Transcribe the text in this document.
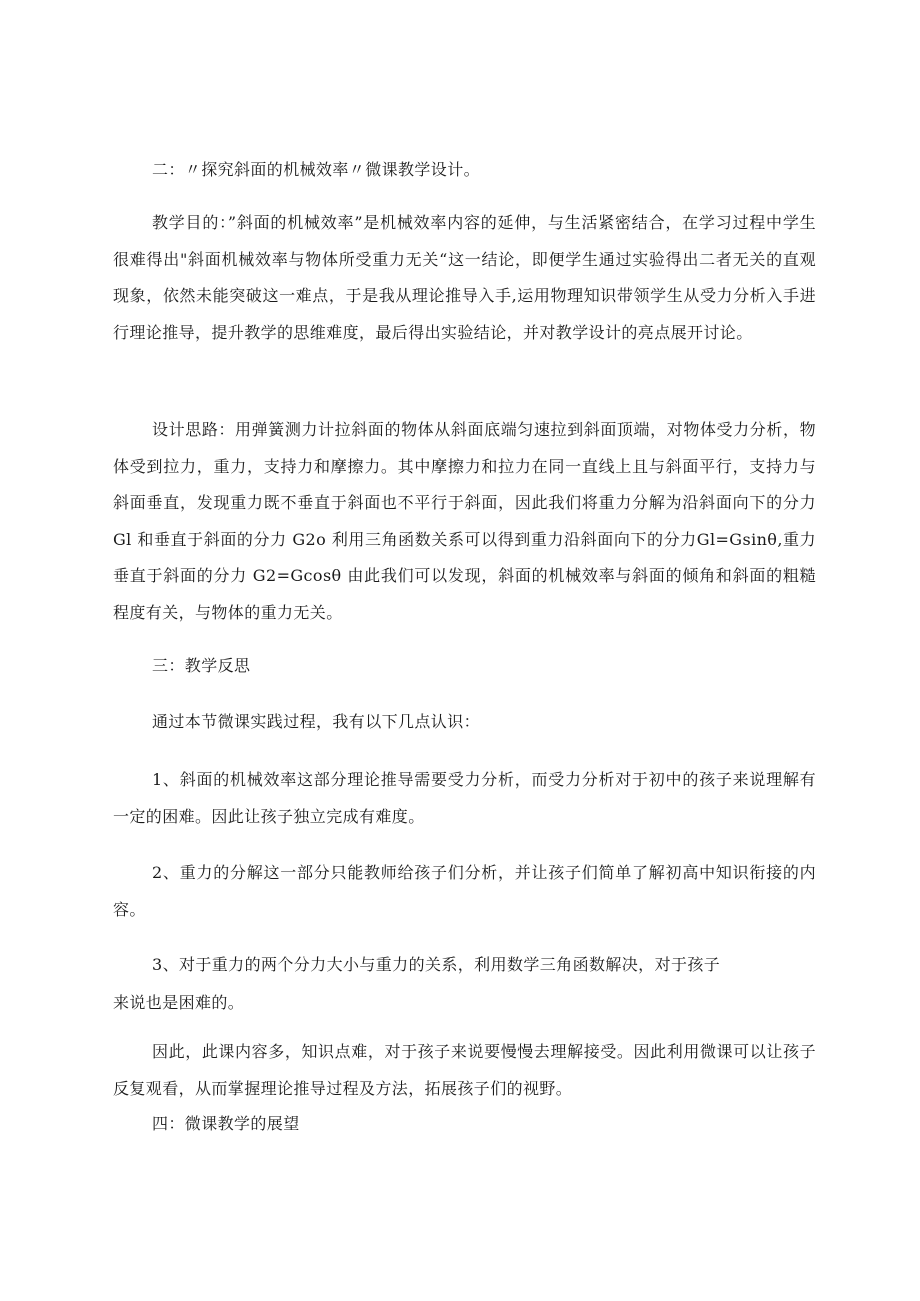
二：〃探究斜面的机械效率〃微课教学设计。

教学目的：”斜面的机械效率”是机械效率内容的延伸，与生活紧密结合，在学习过程中学生很难得出"斜面机械效率与物体所受重力无关“这一结论，即便学生通过实验得出二者无关的直观现象，依然未能突破这一难点，于是我从理论推导入手,运用物理知识带领学生从受力分析入手进行理论推导，提升教学的思维难度，最后得出实验结论，并对教学设计的亮点展开讨论。

设计思路：用弹簧测力计拉斜面的物体从斜面底端匀速拉到斜面顶端，对物体受力分析，物体受到拉力，重力，支持力和摩擦力。其中摩擦力和拉力在同一直线上且与斜面平行，支持力与斜面垂直，发现重力既不垂直于斜面也不平行于斜面，因此我们将重力分解为沿斜面向下的分力 Gl 和垂直于斜面的分力 G2o 利用三角函数关系可以得到重力沿斜面向下的分力Gl=Gsinθ,重力垂直于斜面的分力 G2=Gcosθ 由此我们可以发现，斜面的机械效率与斜面的倾角和斜面的粗糙程度有关，与物体的重力无关。

三：教学反思

通过本节微课实践过程，我有以下几点认识：

1、斜面的机械效率这部分理论推导需要受力分析，而受力分析对于初中的孩子来说理解有一定的困难。因此让孩子独立完成有难度。

2、重力的分解这一部分只能教师给孩子们分析，并让孩子们简单了解初高中知识衔接的内容。

3、对于重力的两个分力大小与重力的关系，利用数学三角函数解决，对于孩子

来说也是困难的。

因此，此课内容多，知识点难，对于孩子来说要慢慢去理解接受。因此利用微课可以让孩子反复观看，从而掌握理论推导过程及方法，拓展孩子们的视野。

四：微课教学的展望
